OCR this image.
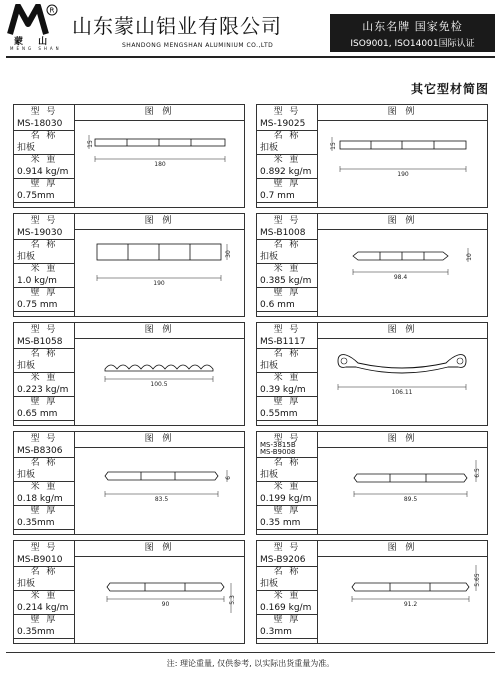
R
蒙 山
MENG SHAN
山东蒙山铝业有限公司
SHANDONG MENGSHAN ALUMINIUM CO.,LTD
山东名牌 国家免检
ISO9001, ISO14001国际认证
其它型材简图
型 号
MS-18030
名 称
扣板
米 重
0.914 kg/m
壁 厚
0.75mm
图 例
15
180
型 号
MS-19025
名 称
扣板
米 重
0.892 kg/m
壁 厚
0.7 mm
图 例
15
190
型 号
MS-19030
名 称
扣板
米 重
1.0 kg/m
壁 厚
0.75 mm
图 例
30
190
型 号
MS-B1008
名 称
扣板
米 重
0.385 kg/m
壁 厚
0.6 mm
图 例
10
98.4
型 号
MS-B1058
名 称
扣板
米 重
0.223 kg/m
壁 厚
0.65 mm
图 例
100.5
型 号
MS-B1117
名 称
扣板
米 重
0.39 kg/m
壁 厚
0.55mm
图 例
106.11
型 号
MS-B8306
名 称
扣板
米 重
0.18 kg/m
壁 厚
0.35mm
图 例
6
83.5
型 号
MS-3815B
MS-B9008
名 称
扣板
米 重
0.199 kg/m
壁 厚
0.35 mm
图 例
6.5
89.5
型 号
MS-B9010
名 称
扣板
米 重
0.214 kg/m
壁 厚
0.35mm
图 例
5.3
90
型 号
MS-B9206
名 称
扣板
米 重
0.169 kg/m
壁 厚
0.3mm
图 例
5.65
91.2
注: 理论重量, 仅供参考, 以实际出货重量为准。
